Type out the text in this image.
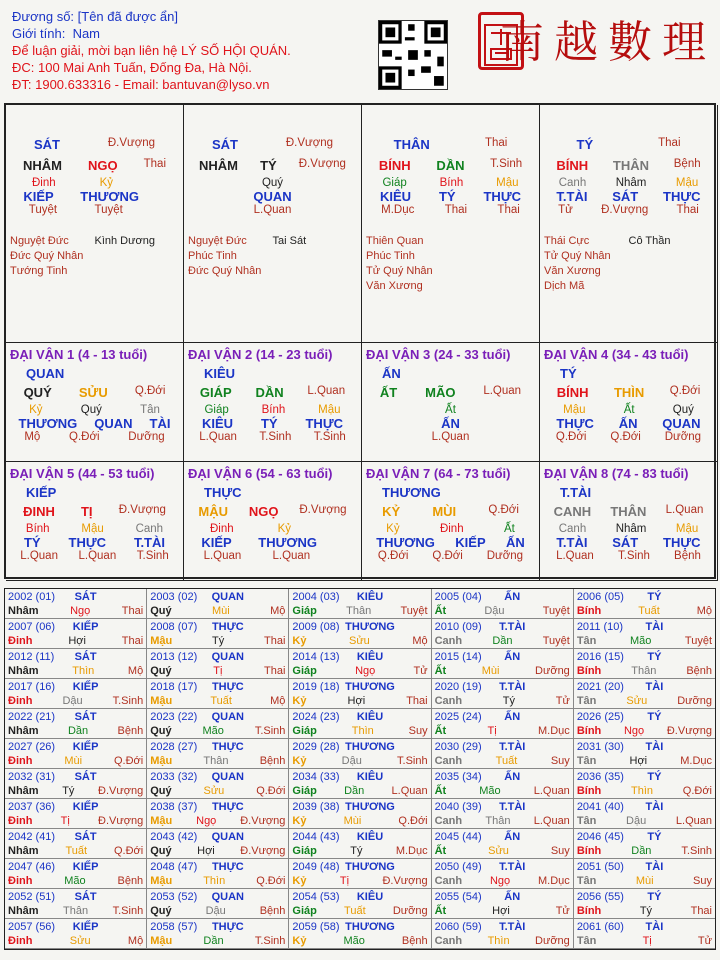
Đương số: [Tên đã được ẩn]
Giới tính: Nam
Để luận giải, mời bạn liên hệ LÝ SỐ HỘI QUÁN.
ĐC: 100 Mai Anh Tuấn, Đống Đa, Hà Nội.
ĐT: 1900.633316 - Email: bantuvan@lyso.vn
南越數理
SÁT	Đ.Vượng
NHÂM NGỌ Thai
Đinh	Kỷ
KIẾP THƯƠNG
Tuyệt	Tuyệt
Nguyệt Đức	Kình Dương
Đức Quý Nhân
Tướng Tinh
SÁT	Đ.Vượng
NHÂM TÝ Đ.Vượng
Quý
QUAN
L.Quan
Nguyệt Đức	Tai Sát
Phúc Tinh
Đức Quý Nhân
THÂN	Thai
BÍNH DẦN T.Sinh
Giáp	Bính	Mậu
KIÊU TÝ THỰC
M.Dục	Thai	Thai
Thiên Quan
Phúc Tinh
Tử Quý Nhân
Văn Xương
TÝ	Thai
BÍNH THÂN Bệnh
Canh	Nhâm	Mậu
T.TÀI SÁT THỰC
Tử Đ.Vượng Thai
Thái Cực	Cô Thần
Tử Quý Nhân
Văn Xương
Dịch Mã
ĐẠI VẬN 1 (4 - 13 tuổi)
QUAN
QUÝ SỬU Q.Đới
Kỷ	Quý	Tân
THƯƠNG QUAN TÀI
Mộ Q.Đới Dưỡng
ĐẠI VẬN 2 (14 - 23 tuổi)
KIÊU
GIÁP DẦN L.Quan
Giáp	Bính	Mậu
KIÊU TÝ THỰC
L.Quan T.Sinh T.Sinh
ĐẠI VẬN 3 (24 - 33 tuổi)
ẤN
ẤT MÃO L.Quan
Ất
ẤN
L.Quan
ĐẠI VẬN 4 (34 - 43 tuổi)
TÝ
BÍNH THÌN Q.Đới
Mậu	Ất	Quý
THỰC ẤN QUAN
Q.Đới Q.Đới Dưỡng
ĐẠI VẬN 5 (44 - 53 tuổi)
KIẾP
ĐINH TỊ Đ.Vượng
Bính	Mậu	Canh
TÝ THỰC T.TÀI
L.Quan L.Quan T.Sinh
ĐẠI VẬN 6 (54 - 63 tuổi)
THỰC
MẬU NGỌ Đ.Vượng
Đinh	Kỷ
KIẾP THƯƠNG
L.Quan	L.Quan
ĐẠI VẬN 7 (64 - 73 tuổi)
THƯƠNG
KỶ MÙI	Q.Đới
Kỷ	Đinh	Ất
THƯƠNG KIẾP ẤN
Q.Đới Q.Đới Dưỡng
ĐẠI VẬN 8 (74 - 83 tuổi)
T.TÀI
CANH THÂN L.Quan
Canh	Nhâm	Mậu
T.TÀI SÁT THỰC
L.Quan T.Sinh Bệnh
2002 (01)	SÁT
Nhâm	Ngọ	Thai
2003 (02)	QUAN
Quý	Mùi	Mộ
2004 (03)	KIÊU
Giáp	Thân	Tuyệt
2005 (04)	ẤN
Ất	Dậu	Tuyệt
2006 (05)	TÝ
Bính	Tuất	Mộ
2007 (06)	KIẾP
Đinh	Hợi	Thai
2008 (07)	THỰC
Mậu	Tý	Thai
2009 (08) THƯƠNG
Kỷ	Sửu	Mộ
2010 (09)	T.TÀI
Canh	Dần	Tuyệt
2011 (10)	TÀI
Tân	Mão	Tuyệt
2012 (11)	SÁT
Nhâm	Thìn	Mộ
2013 (12)	QUAN
Quý	Tị	Thai
2014 (13)	KIÊU
Giáp	Ngọ	Tử
2015 (14)	ẤN
Ất	Mùi	Dưỡng
2016 (15)	TÝ
Bính	Thân	Bệnh
2017 (16)	KIẾP
Đinh	Dậu	T.Sinh
2018 (17)	THỰC
Mậu	Tuất	Mộ
2019 (18) THƯƠNG
Kỷ	Hợi	Thai
2020 (19)	T.TÀI
Canh	Tý	Tử
2021 (20)	TÀI
Tân	Sửu	Dưỡng
2022 (21)	SÁT
Nhâm	Dần	Bệnh
2023 (22)	QUAN
Quý	Mão	T.Sinh
2024 (23)	KIÊU
Giáp	Thìn	Suy
2025 (24)	ẤN
Ất	Tị	M.Dục
2026 (25)	TÝ
Bính Ngọ Đ.Vượng
2027 (26)	KIẾP
Đinh	Mùi	Q.Đới
2028 (27)	THỰC
Mậu	Thân	Bệnh
2029 (28) THƯƠNG
Kỷ	Dậu	T.Sinh
2030 (29)	T.TÀI
Canh	Tuất	Suy
2031 (30)	TÀI
Tân	Hợi	M.Dục
2032 (31)	SÁT
Nhâm Tý Đ.Vượng
2033 (32)	QUAN
Quý	Sửu	Q.Đới
2034 (33)	KIÊU
Giáp Dần L.Quan
2035 (34)	ẤN
Ất	Mão	L.Quan
2036 (35)	TÝ
Bính	Thìn	Q.Đới
2037 (36)	KIẾP
Đinh	Tị	Đ.Vượng
2038 (37)	THỰC
Mậu Ngọ Đ.Vượng
2039 (38) THƯƠNG
Kỷ	Mùi	Q.Đới
2040 (39)	T.TÀI
Canh Thân L.Quan
2041 (40)	TÀI
Tân	Dậu	L.Quan
2042 (41)	SÁT
Nhâm Tuất Q.Đới
2043 (42)	QUAN
Quý Hợi Đ.Vượng
2044 (43)	KIÊU
Giáp	Tý	M.Dục
2045 (44)	ẤN
Ất	Sửu	Suy
2046 (45)	TÝ
Bính	Dần	T.Sinh
2047 (46)	KIẾP
Đinh	Mão	Bệnh
2048 (47)	THỰC
Mậu	Thìn	Q.Đới
2049 (48) THƯƠNG
Kỷ	Tị	Đ.Vượng
2050 (49)	T.TÀI
Canh	Ngọ	M.Dục
2051 (50)	TÀI
Tân	Mùi	Suy
2052 (51)	SÁT
Nhâm Thân T.Sinh
2053 (52)	QUAN
Quý	Dậu	Bệnh
2054 (53)	KIÊU
Giáp Tuất Dưỡng
2055 (54)	ẤN
Ất	Hợi	Tử
2056 (55)	TÝ
Bính	Tý	Thai
2057 (56)	KIẾP
Đinh	Sửu	Mộ
2058 (57)	THỰC
Mậu	Dần	T.Sinh
2059 (58) THƯƠNG
Kỷ	Mão	Bệnh
2060 (59)	T.TÀI
Canh Thìn Dưỡng
2061 (60)	TÀI
Tân	Tị	Tử
